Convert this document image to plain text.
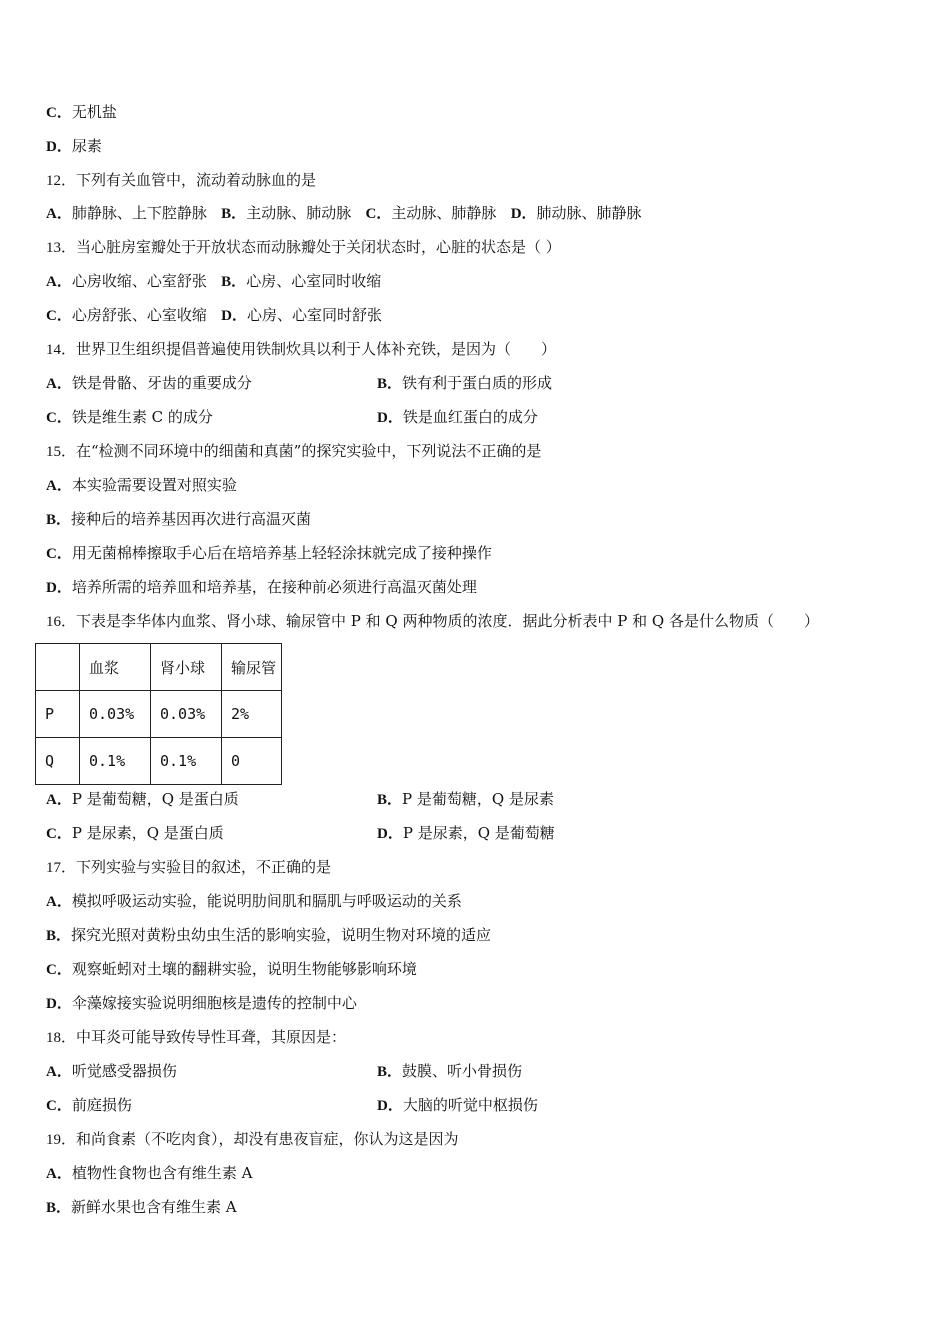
C．无机盐
D．尿素
12．下列有关血管中，流动着动脉血的是
A．肺静脉、上下腔静脉 B．主动脉、肺动脉 C．主动脉、肺静脉 D．肺动脉、肺静脉
13．当心脏房室瓣处于开放状态而动脉瓣处于关闭状态时，心脏的状态是（ ）
A．心房收缩、心室舒张 B．心房、心室同时收缩
C．心房舒张、心室收缩 D．心房、心室同时舒张
14．世界卫生组织提倡普遍使用铁制炊具以利于人体补充铁，是因为（　　）
A．铁是骨骼、牙齿的重要成分	B．铁有利于蛋白质的形成
C．铁是维生素 C 的成分	D．铁是血红蛋白的成分
15．在“检测不同环境中的细菌和真菌”的探究实验中，下列说法不正确的是
A．本实验需要设置对照实验
B．接种后的培养基因再次进行高温灭菌
C．用无菌棉棒擦取手心后在培培养基上轻轻涂抹就完成了接种操作
D．培养所需的培养皿和培养基，在接种前必须进行高温灭菌处理
16．下表是李华体内血浆、肾小球、输尿管中 P 和 Q 两种物质的浓度．据此分析表中 P 和 Q 各是什么物质（　　）
	血浆	肾小球	输尿管
P	0.03%	0.03%	2%
Q	0.1%	0.1%	0
A．P 是葡萄糖，Q 是蛋白质	B．P 是葡萄糖，Q 是尿素
C．P 是尿素，Q 是蛋白质	D．P 是尿素，Q 是葡萄糖
17．下列实验与实验目的叙述，不正确的是
A．模拟呼吸运动实验，能说明肋间肌和膈肌与呼吸运动的关系
B．探究光照对黄粉虫幼虫生活的影响实验，说明生物对环境的适应
C．观察蚯蚓对土壤的翻耕实验，说明生物能够影响环境
D．伞藻嫁接实验说明细胞核是遗传的控制中心
18．中耳炎可能导致传导性耳聋，其原因是：
A．听觉感受器损伤	B．鼓膜、听小骨损伤
C．前庭损伤	D．大脑的听觉中枢损伤
19．和尚食素（不吃肉食），却没有患夜盲症，你认为这是因为
A．植物性食物也含有维生素 A
B．新鲜水果也含有维生素 A
